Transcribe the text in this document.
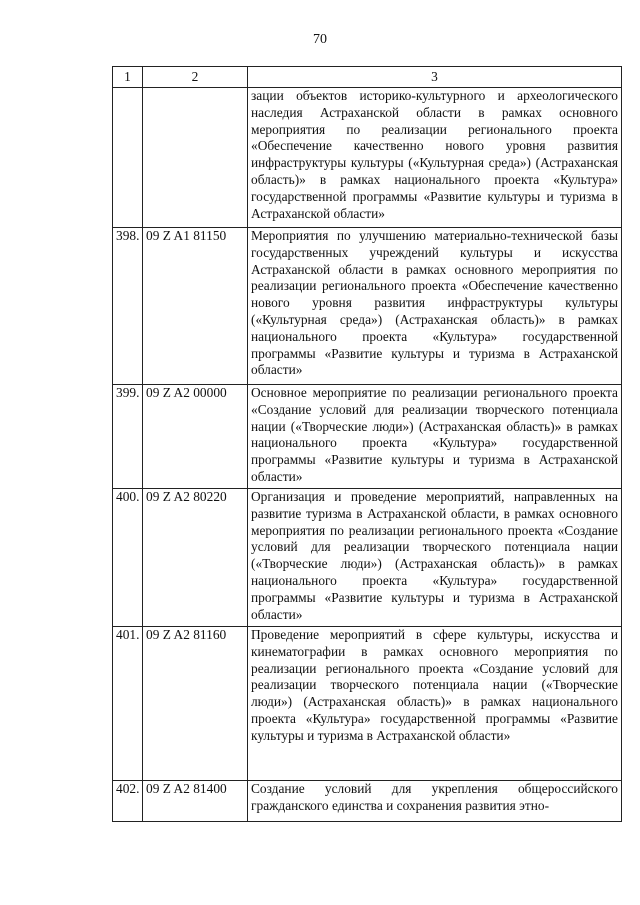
70
1	2	3
		зации объектов историко-культурного и археологического наследия Астраханской области в рамках основного мероприятия по реализации регионального проекта «Обеспечение качественно нового уровня развития инфраструктуры культуры («Культурная среда») (Астраханская область)» в рамках национального проекта «Культура» государственной программы «Развитие культуры и туризма в Астраханской области»
398.	09 Z A1 81150	Мероприятия по улучшению материально-технической базы государственных учреждений культуры и искусства Астраханской области в рамках основного мероприятия по реализации регионального проекта «Обеспечение качественно нового уровня развития инфраструктуры культуры («Культурная среда») (Астраханская область)» в рамках национального проекта «Культура» государственной программы «Развитие культуры и туризма в Астраханской области»
399.	09 Z A2 00000	Основное мероприятие по реализации регионального проекта «Создание условий для реализации творческого потенциала нации («Творческие люди») (Астраханская область)» в рамках национального проекта «Культура» государственной программы «Развитие культуры и туризма в Астраханской области»
400.	09 Z A2 80220	Организация и проведение мероприятий, направленных на развитие туризма в Астраханской области, в рамках основного мероприятия по реализации регионального проекта «Создание условий для реализации творческого потенциала нации («Творческие люди») (Астраханская область)» в рамках национального проекта «Культура» государственной программы «Развитие культуры и туризма в Астраханской области»
401.	09 Z A2 81160	Проведение мероприятий в сфере культуры, искусства и кинематографии в рамках основного мероприятия по реализации регионального проекта «Создание условий для реализации творческого потенциала нации («Творческие люди») (Астраханская область)» в рамках национального проекта «Культура» государственной программы «Развитие культуры и туризма в Астраханской области»
402.	09 Z A2 81400	Создание условий для укрепления общероссийского гражданского единства и сохранения развития этно-
